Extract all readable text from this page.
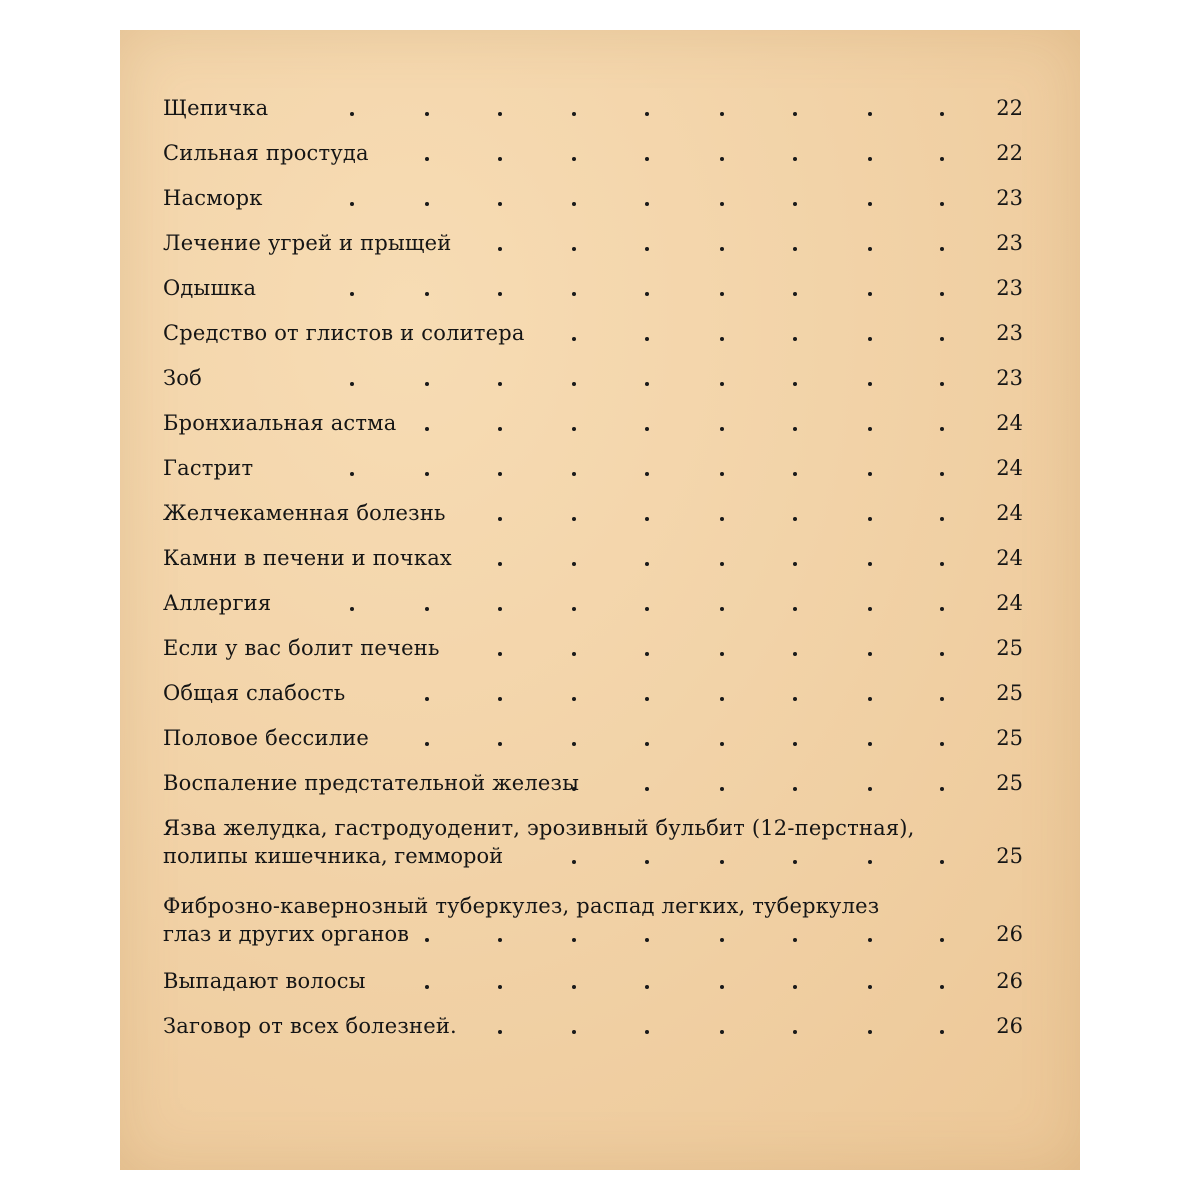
Щепичка	22
Сильная простуда	22
Насморк	23
Лечение угрей и прыщей	23
Одышка	23
Средство от глистов и солитера	23
Зоб	23
Бронхиальная астма	24
Гастрит	24
Желчекаменная болезнь	24
Камни в печени и почках	24
Аллергия	24
Если у вас болит печень	25
Общая слабость	25
Половое бессилие	25
Воспаление предстательной железы	25
Язва желудка, гастродуоденит, эрозивный бульбит (12-перстная),
полипы кишечника, гемморой	25
Фиброзно-кавернозный туберкулез, распад легких, туберкулез
глаз и других органов	26
Выпадают волосы	26
Заговор от всех болезней.	26
